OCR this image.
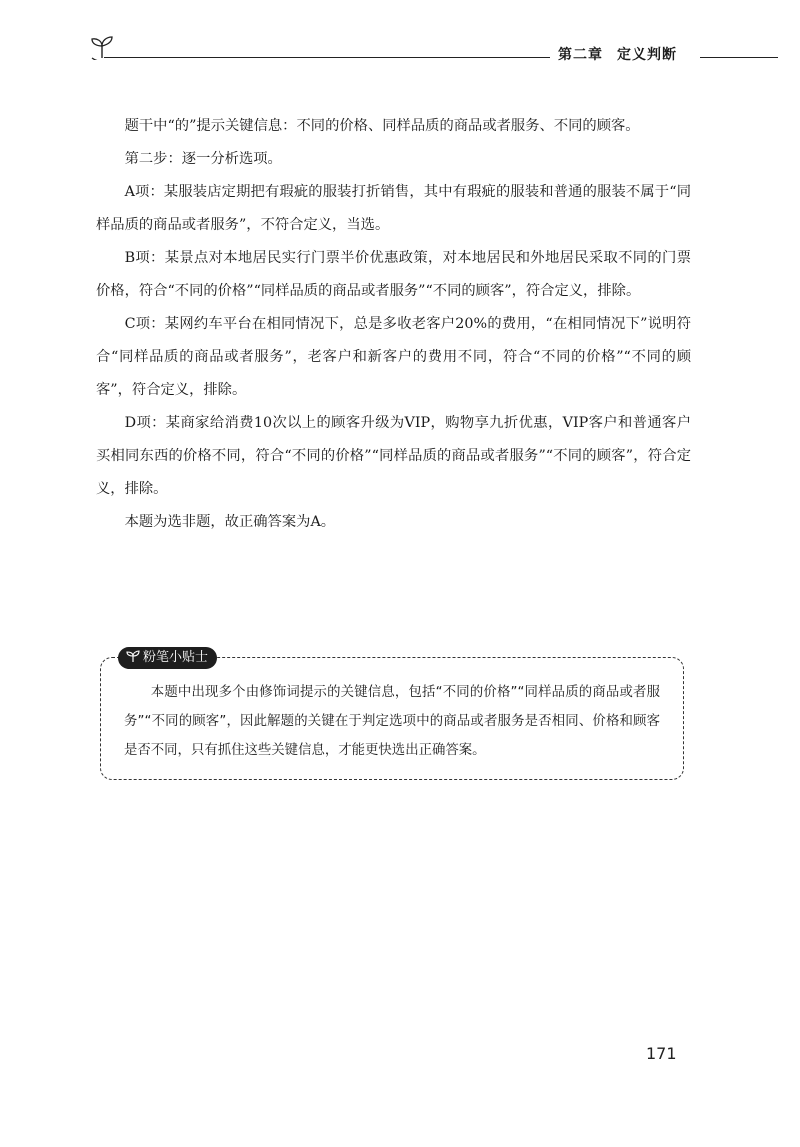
第二章 定义判断

题干中“的”提示关键信息：不同的价格、同样品质的商品或者服务、不同的顾客。

第二步：逐一分析选项。

A项：某服装店定期把有瑕疵的服装打折销售，其中有瑕疵的服装和普通的服装不属于“同样品质的商品或者服务”，不符合定义，当选。

B项：某景点对本地居民实行门票半价优惠政策，对本地居民和外地居民采取不同的门票价格，符合“不同的价格”“同样品质的商品或者服务”“不同的顾客”，符合定义，排除。

C项：某网约车平台在相同情况下，总是多收老客户20%的费用，“在相同情况下”说明符合“同样品质的商品或者服务”，老客户和新客户的费用不同，符合“不同的价格”“不同的顾客”，符合定义，排除。

D项：某商家给消费10次以上的顾客升级为VIP，购物享九折优惠，VIP客户和普通客户买相同东西的价格不同，符合“不同的价格”“同样品质的商品或者服务”“不同的顾客”，符合定义，排除。

本题为选非题，故正确答案为A。

粉笔小贴士

本题中出现多个由修饰词提示的关键信息，包括“不同的价格”“同样品质的商品或者服务”“不同的顾客”，因此解题的关键在于判定选项中的商品或者服务是否相同、价格和顾客是否不同，只有抓住这些关键信息，才能更快选出正确答案。

171
